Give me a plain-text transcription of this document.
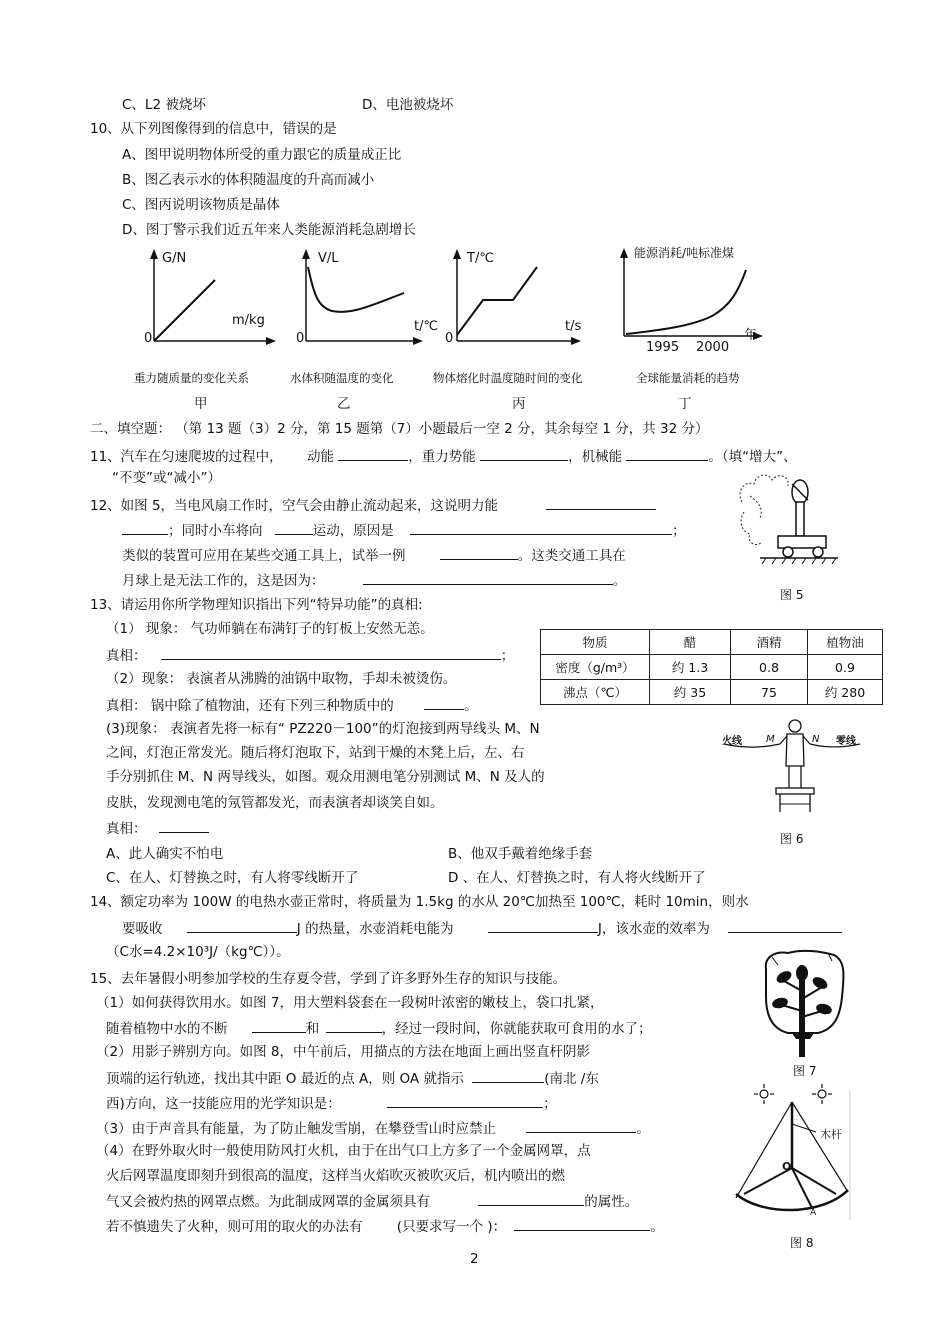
C、L2 被烧坏	D、电池被烧坏
10、从下列图像得到的信息中，错误的是
A、图甲说明物体所受的重力跟它的质量成正比
B、图乙表示水的体积随温度的升高而减小
C、图丙说明该物质是晶体
D、图丁警示我们近五年来人类能源消耗急剧增长
G/N
m/kg
0
V/L
t/℃
0
T/℃
t/s
0
能源消耗/吨标准煤
年
1995 2000
重力随质量的变化关系	水体积随温度的变化	物体熔化时温度随时间的变化	全球能量消耗的趋势
甲	乙	丙	丁
二、填空题： （第 13 题（3）2 分，第 15 题第（7）小题最后一空 2 分，其余每空 1 分，共 32 分）
11、汽车在匀速爬坡的过程中， 动能	，重力势能	，机械能	。（填“增大”、
“不变”或“减小”）
12、如图 5，当电风扇工作时，空气会由静止流动起来，这说明力能
；同时小车将向	运动，原因是	；
类似的装置可应用在某些交通工具上，试举一例	。这类交通工具在
月球上是无法工作的，这是因为：	。
图 5
13、请运用你所学物理知识指出下列“特异功能”的真相:
（1） 现象： 气功师躺在布满钉子的钉板上安然无恙。
真相：	；
（2）现象： 表演者从沸腾的油锅中取物，手却未被烫伤。
真相： 锅中除了植物油，还有下列三种物质中的	。
(3)现象： 表演者先将一标有“ PZ220－100”的灯泡接到两导线头 M、N
之间，灯泡正常发光。随后将灯泡取下，站到干燥的木凳上后，左、右
手分别抓住 M、N 两导线头，如图。观众用测电笔分别测试 M、N 及人的
皮肤，发现测电笔的氖管都发光，而表演者却谈笑自如。
真相：
A、此人确实不怕电	B、他双手戴着绝缘手套
C、在人、灯替换之时，有人将零线断开了	D 、在人、灯替换之时，有人将火线断开了
物质	醋	酒精	植物油
密度（g/m³）	约 1.3	0.8	0.9
沸点（℃）	约 35	75	约 280
火线 M	N 零线
图 6
14、额定功率为 100W 的电热水壶正常时，将质量为 1.5kg 的水从 20℃加热至 100℃，耗时 10min，则水
要吸收	J 的热量，水壶消耗电能为	J，该水壶的效率为
（C水=4.2×10³J/（kg℃））。
15、去年暑假小明参加学校的生存夏令营，学到了许多野外生存的知识与技能。
（1）如何获得饮用水。如图 7，用大塑料袋套在一段树叶浓密的嫩枝上，袋口扎紧，
随着植物中水的不断	和	，经过一段时间，你就能获取可食用的水了；
（2）用影子辨别方向。如图 8，中午前后，用描点的方法在地面上画出竖直杆阴影
顶端的运行轨迹，找出其中距 O 最近的点 A，则 OA 就指示	(南北 /东
西)方向，这一技能应用的光学知识是：	；
（3）由于声音具有能量，为了防止触发雪崩，在攀登雪山时应禁止	。
（4）在野外取火时一般使用防风打火机，由于在出气口上方多了一个金属网罩，点
火后网罩温度即刻升到很高的温度，这样当火焰吹灭被吹灭后，机内喷出的燃
气又会被灼热的网罩点燃。为此制成网罩的金属须具有	的属性。
若不慎遗失了火种，则可用的取火的办法有	(只要求写一个 )：	。
图 7
木杆
O
A
图 8
2
